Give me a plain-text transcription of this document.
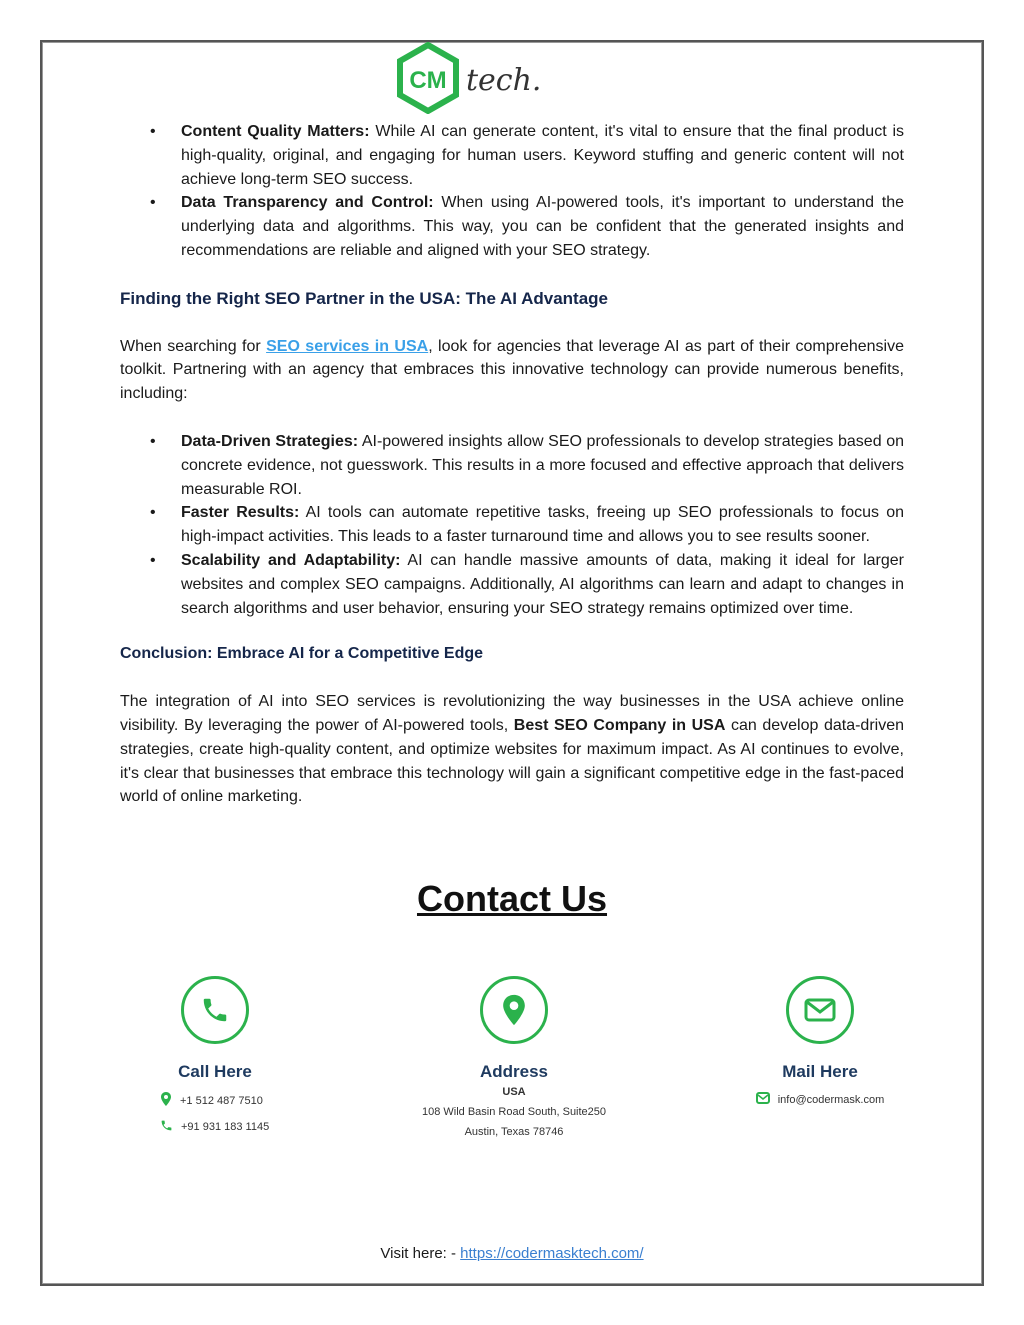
CM tech.
• Content Quality Matters: While AI can generate content, it's vital to ensure that the final product is high-quality, original, and engaging for human users. Keyword stuffing and generic content will not achieve long-term SEO success.
• Data Transparency and Control: When using AI-powered tools, it's important to understand the underlying data and algorithms. This way, you can be confident that the generated insights and recommendations are reliable and aligned with your SEO strategy.
Finding the Right SEO Partner in the USA: The AI Advantage

When searching for SEO services in USA, look for agencies that leverage AI as part of their comprehensive toolkit. Partnering with an agency that embraces this innovative technology can provide numerous benefits, including:

• Data-Driven Strategies: AI-powered insights allow SEO professionals to develop strategies based on concrete evidence, not guesswork. This results in a more focused and effective approach that delivers measurable ROI.
• Faster Results: AI tools can automate repetitive tasks, freeing up SEO professionals to focus on high-impact activities. This leads to a faster turnaround time and allows you to see results sooner.
• Scalability and Adaptability: AI can handle massive amounts of data, making it ideal for larger websites and complex SEO campaigns. Additionally, AI algorithms can learn and adapt to changes in search algorithms and user behavior, ensuring your SEO strategy remains optimized over time.
Conclusion: Embrace AI for a Competitive Edge

The integration of AI into SEO services is revolutionizing the way businesses in the USA achieve online visibility. By leveraging the power of AI-powered tools, Best SEO Company in USA can develop data-driven strategies, create high-quality content, and optimize websites for maximum impact. As AI continues to evolve, it's clear that businesses that embrace this technology will gain a significant competitive edge in the fast-paced world of online marketing.

Contact Us
Call Here
+1 512 487 7510
+91 931 183 1145
Address
USA
108 Wild Basin Road South, Suite250
Austin, Texas 78746
Mail Here
info@codermask.com
Visit here: - https://codermasktech.com/
